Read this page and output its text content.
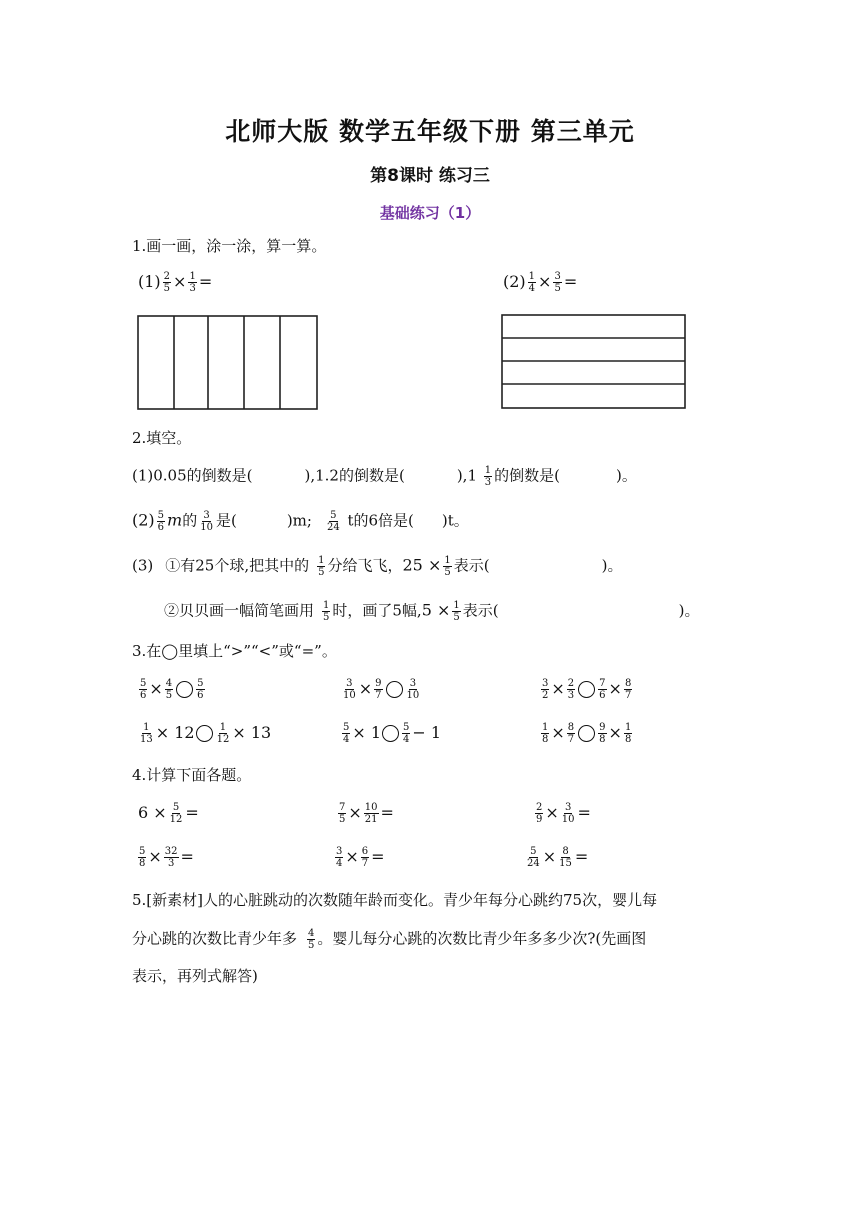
北师大版 数学五年级下册 第三单元
第8课时 练习三
基础练习（1）
1.画一画，涂一涂，算一算。
$(1) \frac{2}{5} \times \frac{1}{3}$ =	$(2) \frac{1}{4} \times \frac{3}{5}$ =
2.填空。
(1)0.05的倒数是(	),1.2的倒数是(	)$,1 \frac{1}{3}$ 的倒数是(	)。
$(2) \frac{5}{6}$ m的 $\frac{3}{10}$ 是(	)m; $\frac{5}{24}$ t的6倍是( )t。
(3) ①有25个球,把其中的 $\frac{1}{5}$ 分给飞飞，$25 \times \frac{1}{5}$ 表示(	)。
②贝贝画一幅简笔画用 $\frac{1}{5}$ 时，画了5幅$,5 \times \frac{1}{5}$ 表示(	)。
3.在◯里填上“>”“<”或“=”。
$\frac{5}{6} \times \frac{4}{5} \frac{5}{6}$	$\frac{3}{10} \times \frac{9}{7} \frac{3}{10}$	$\frac{3}{2} \times \frac{2}{3} \frac{7}{6} \times \frac{8}{7}$
$\frac{1}{13} \times 12 \frac{1}{12} \times 13$	$\frac{5}{4} \times 1 \frac{5}{4} - 1$	$\frac{1}{8} \times \frac{8}{7} \frac{9}{8} \times \frac{1}{8}$
4.计算下面各题。
$6 \times \frac{5}{12}$ =	$\frac{7}{5} \times \frac{10}{21}$ =	$\frac{2}{9} \times \frac{3}{10}$ =
$\frac{5}{8} \times \frac{32}{3}$ =	$\frac{3}{4} \times \frac{6}{7}$ =	$\frac{5}{24} \times \frac{8}{15}$ =
5.[新素材]人的心脏跳动的次数随年龄而变化。青少年每分心跳约75次，婴儿每
分心跳的次数比青少年多 $\frac{4}{5}$ 。婴儿每分心跳的次数比青少年多多少次?(先画图
表示，再列式解答)
